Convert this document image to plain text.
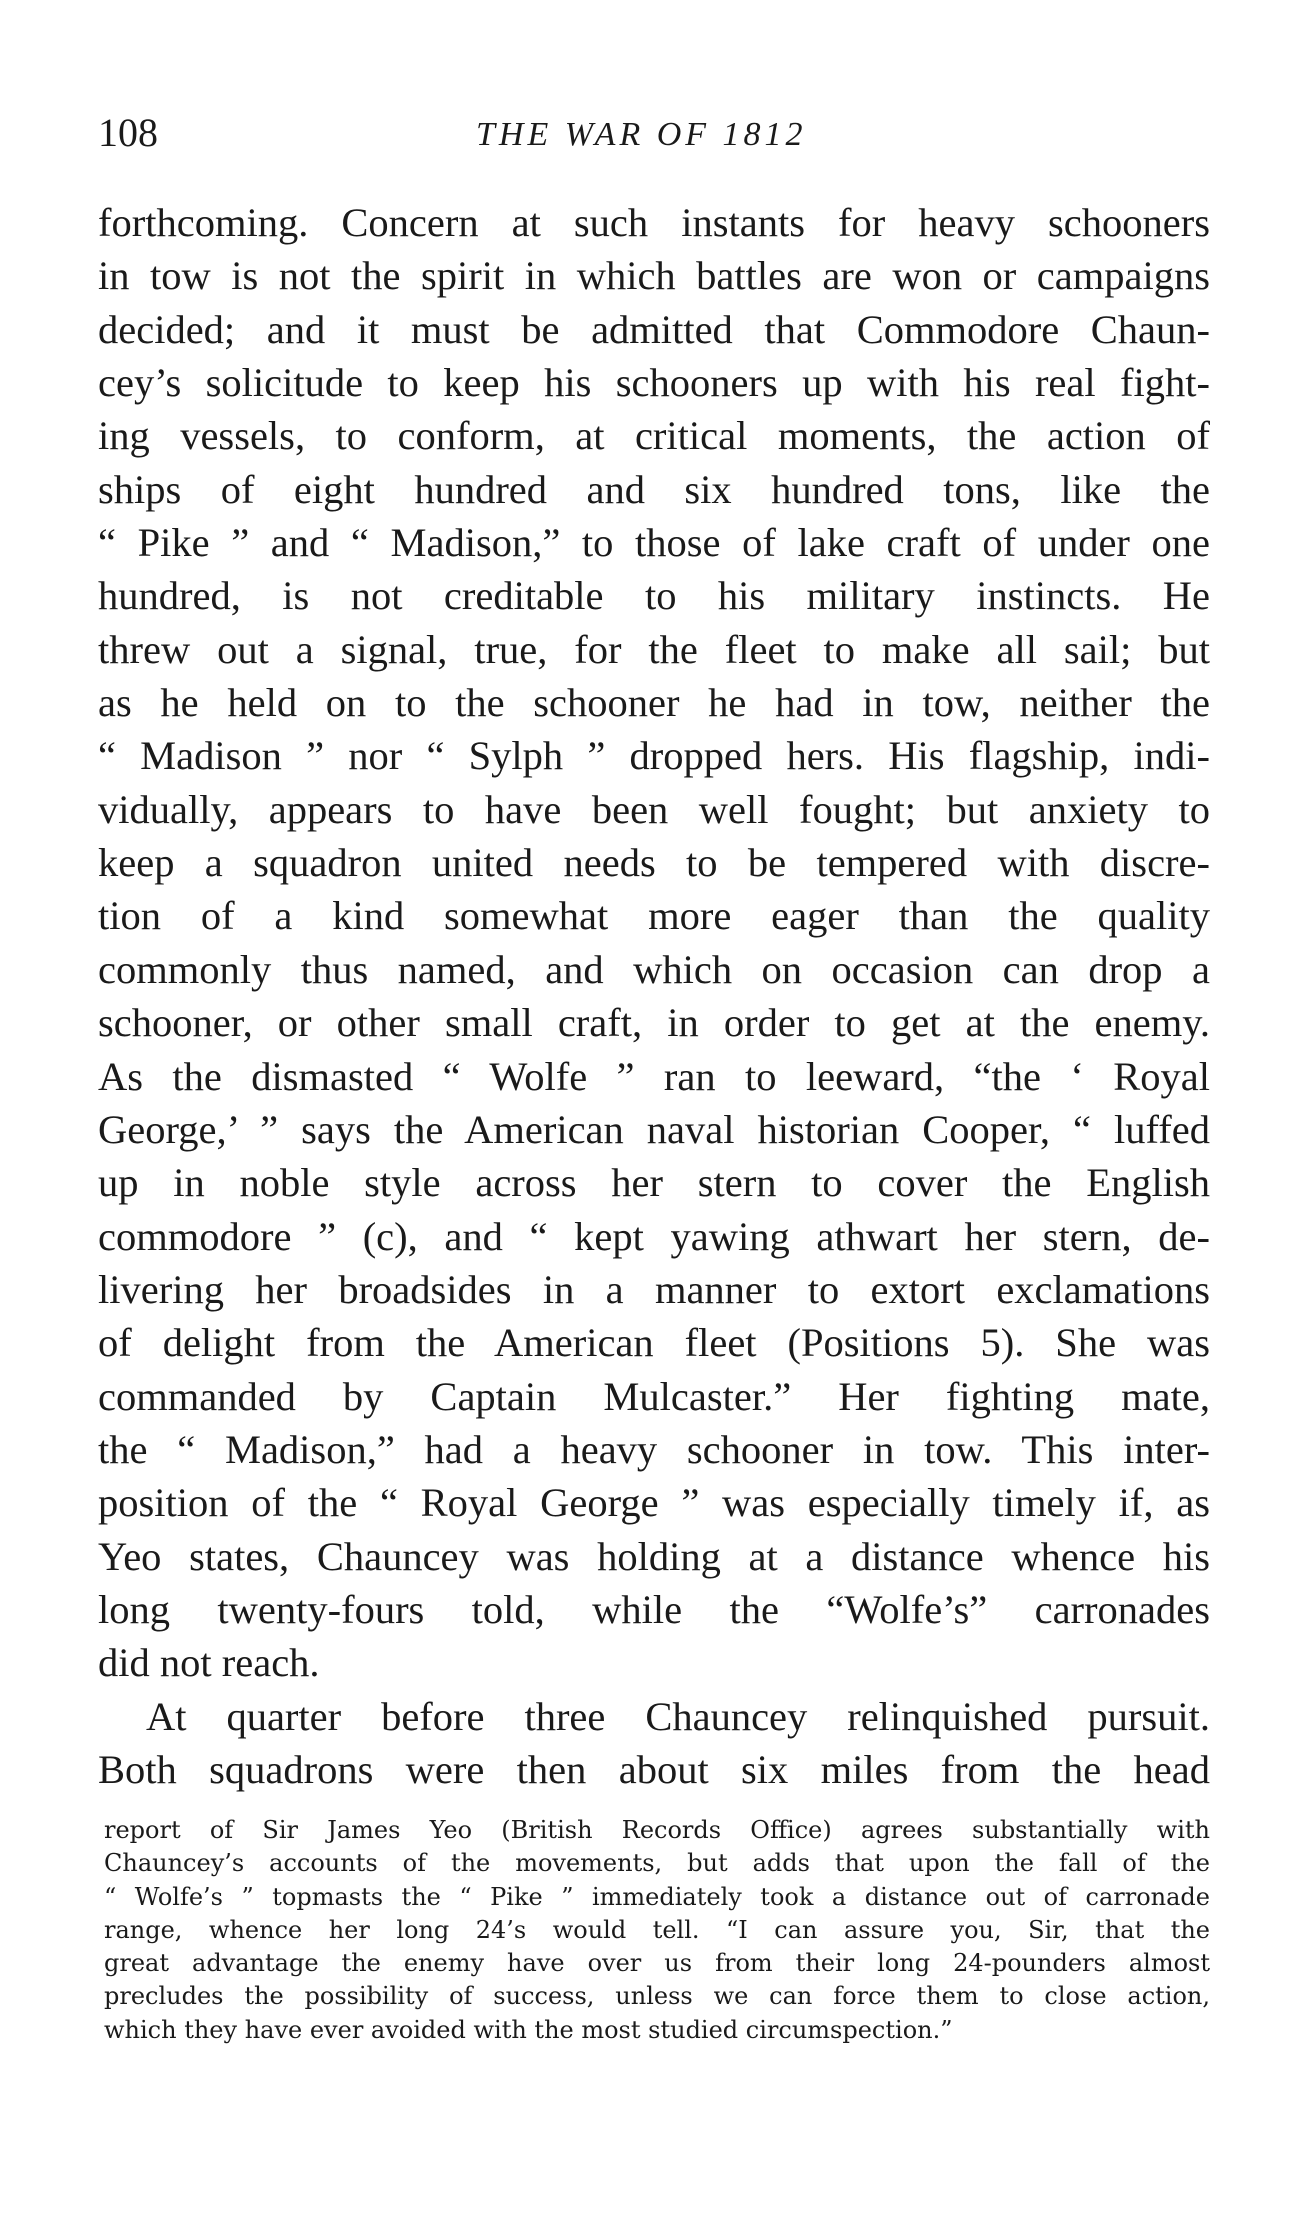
108	THE WAR OF 1812
forthcoming. Concern at such instants for heavy schooners
in tow is not the spirit in which battles are won or campaigns
decided; and it must be admitted that Commodore Chaun-
cey’s solicitude to keep his schooners up with his real fight-
ing vessels, to conform, at critical moments, the action of
ships of eight hundred and six hundred tons, like the
“ Pike ” and “ Madison,” to those of lake craft of under one
hundred, is not creditable to his military instincts. He
threw out a signal, true, for the fleet to make all sail; but
as he held on to the schooner he had in tow, neither the
“ Madison ” nor “ Sylph ” dropped hers. His flagship, indi-
vidually, appears to have been well fought; but anxiety to
keep a squadron united needs to be tempered with discre-
tion of a kind somewhat more eager than the quality
commonly thus named, and which on occasion can drop a
schooner, or other small craft, in order to get at the enemy.
As the dismasted “ Wolfe ” ran to leeward, “the ‘ Royal
George,’ ” says the American naval historian Cooper, “ luffed
up in noble style across her stern to cover the English
commodore ” (c), and “ kept yawing athwart her stern, de-
livering her broadsides in a manner to extort exclamations
of delight from the American fleet (Positions 5). She was
commanded by Captain Mulcaster.” Her fighting mate,
the “ Madison,” had a heavy schooner in tow. This inter-
position of the “ Royal George ” was especially timely if, as
Yeo states, Chauncey was holding at a distance whence his
long twenty-fours told, while the “Wolfe’s” carronades
did not reach.
At quarter before three Chauncey relinquished pursuit.
Both squadrons were then about six miles from the head
report of Sir James Yeo (British Records Office) agrees substantially with
Chauncey’s accounts of the movements, but adds that upon the fall of the
“ Wolfe’s ” topmasts the “ Pike ” immediately took a distance out of carronade
range, whence her long 24’s would tell. “I can assure you, Sir, that the
great advantage the enemy have over us from their long 24-pounders almost
precludes the possibility of success, unless we can force them to close action,
which they have ever avoided with the most studied circumspection.”
